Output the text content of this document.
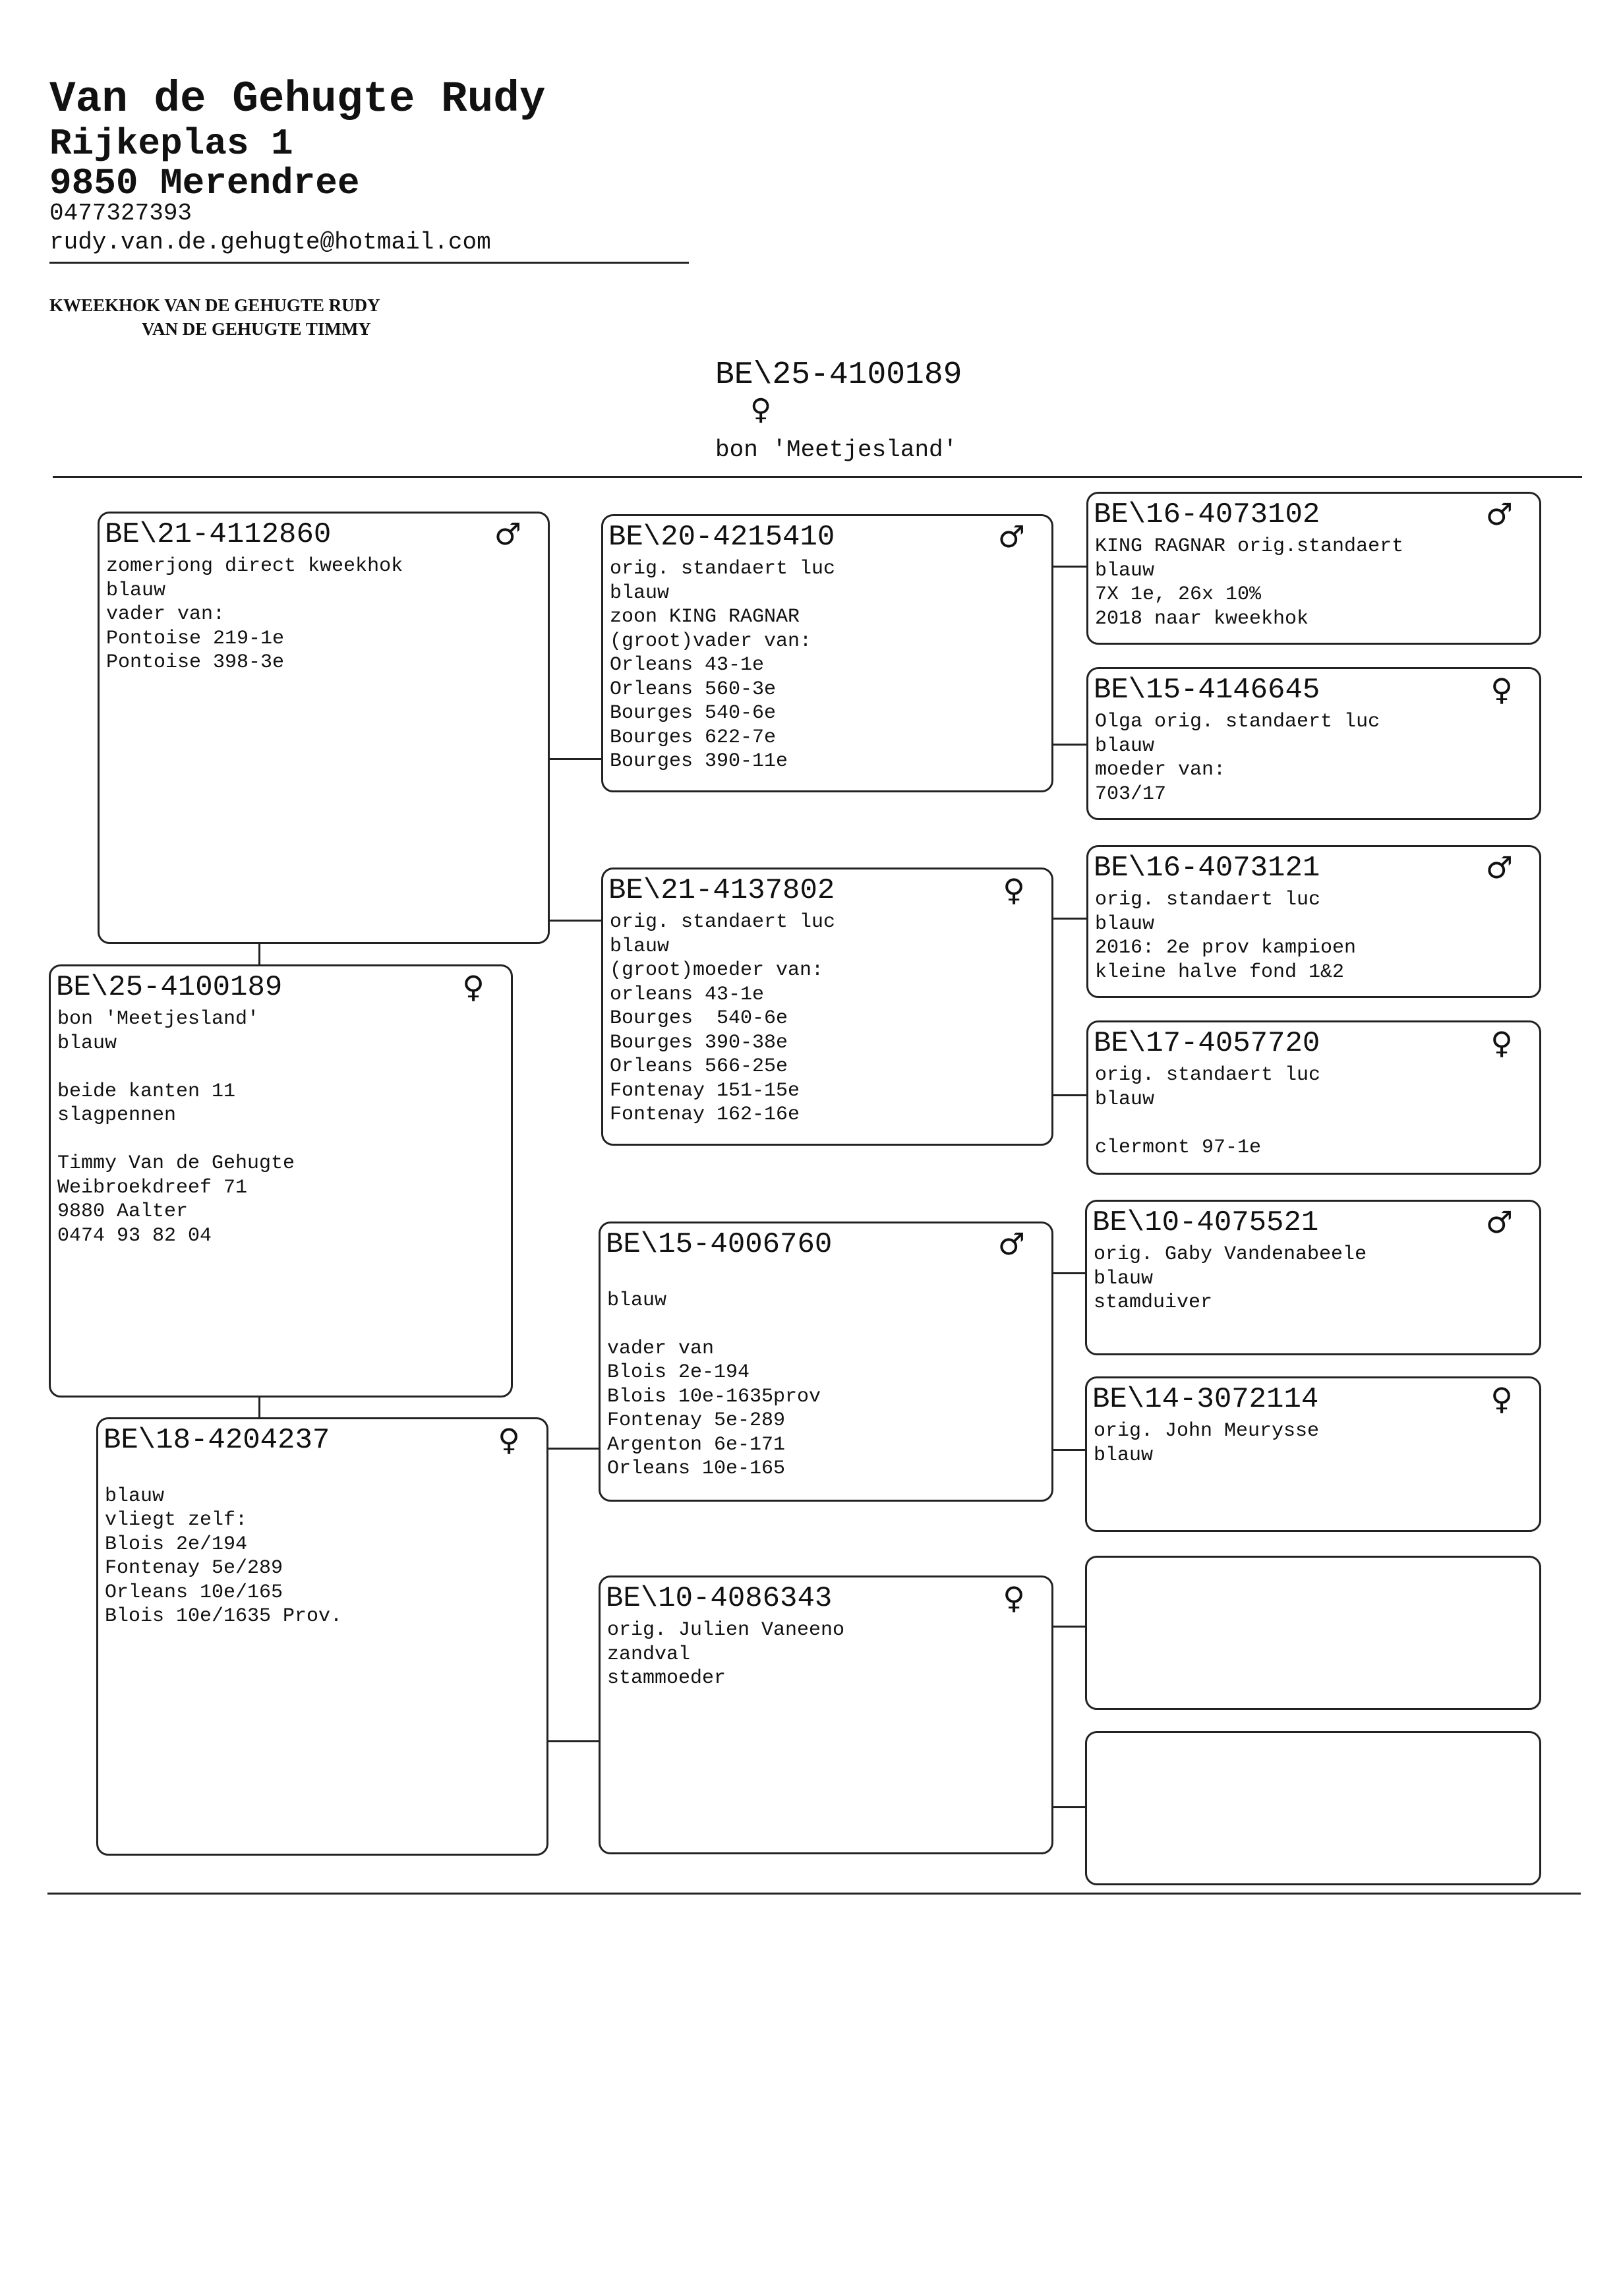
Van de Gehugte Rudy
Rijkeplas 1
9850 Merendree
0477327393
rudy.van.de.gehugte@hotmail.com
KWEEKHOK VAN DE GEHUGTE RUDY
VAN DE GEHUGTE TIMMY
BE\25-4100189
♀
bon 'Meetjesland'
BE\21-4112860	♂
zomerjong direct kweekhok
blauw
vader van:
Pontoise 219-1e
Pontoise 398-3e
BE\25-4100189	♀
bon 'Meetjesland'
blauw

beide kanten 11
slagpennen

Timmy Van de Gehugte
Weibroekdreef 71
9880 Aalter
0474 93 82 04
BE\18-4204237	♀

blauw
vliegt zelf:
Blois 2e/194
Fontenay 5e/289
Orleans 10e/165
Blois 10e/1635 Prov.
BE\20-4215410	♂
orig. standaert luc
blauw
zoon KING RAGNAR
(groot)vader van:
Orleans 43-1e
Orleans 560-3e
Bourges 540-6e
Bourges 622-7e
Bourges 390-11e
BE\21-4137802	♀
orig. standaert luc
blauw
(groot)moeder van:
orleans 43-1e
Bourges  540-6e
Bourges 390-38e
Orleans 566-25e
Fontenay 151-15e
Fontenay 162-16e
BE\15-4006760	♂

blauw

vader van
Blois 2e-194
Blois 10e-1635prov
Fontenay 5e-289
Argenton 6e-171
Orleans 10e-165
BE\10-4086343	♀
orig. Julien Vaneeno
zandval
stammoeder
BE\16-4073102	♂
KING RAGNAR orig.standaert
blauw
7X 1e, 26x 10%
2018 naar kweekhok
BE\15-4146645	♀
Olga orig. standaert luc
blauw
moeder van:
703/17
BE\16-4073121	♂
orig. standaert luc
blauw
2016: 2e prov kampioen
kleine halve fond 1&2
BE\17-4057720	♀
orig. standaert luc
blauw

clermont 97-1e
BE\10-4075521	♂
orig. Gaby Vandenabeele
blauw
stamduiver
BE\14-3072114	♀
orig. John Meurysse
blauw
